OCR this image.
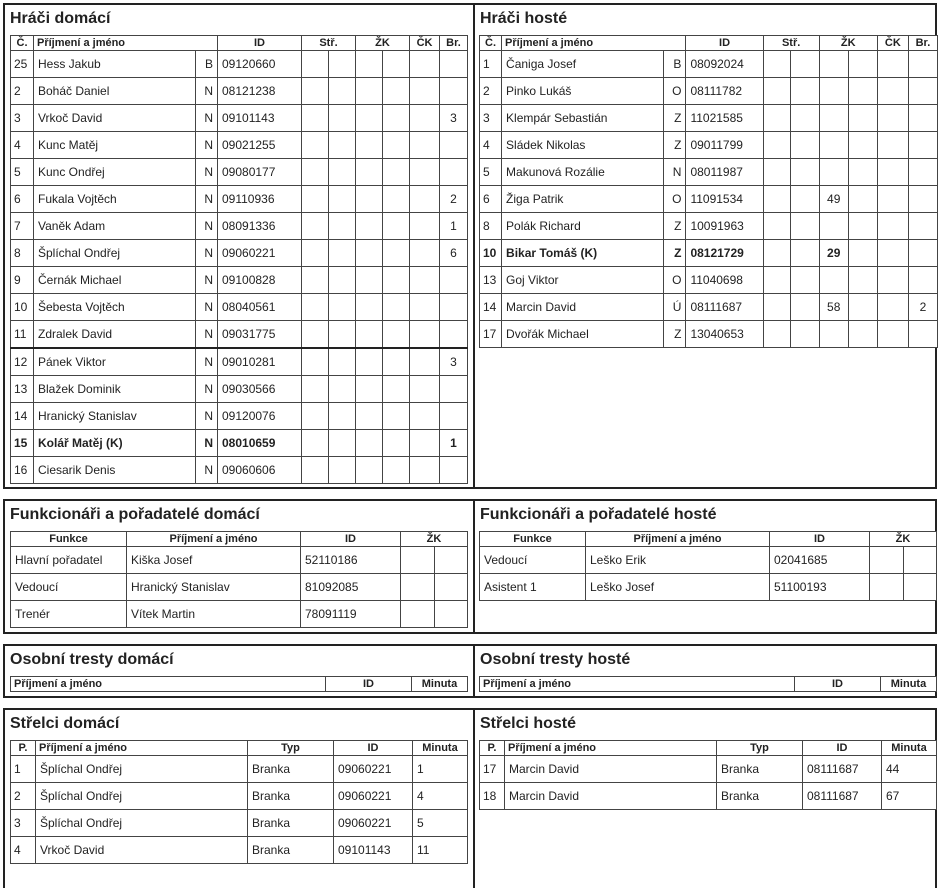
Hráči domácí
Č.	Příjmení a jméno		ID	Stř.		ŽK		ČK	Br.
25	Hess Jakub	B	09120660						
2	Boháč Daniel	N	08121238						
3	Vrkoč David	N	09101143						3
4	Kunc Matěj	N	09021255						
5	Kunc Ondřej	N	09080177						
6	Fukala Vojtěch	N	09110936						2
7	Vaněk Adam	N	08091336						1
8	Šplíchal Ondřej	N	09060221						6
9	Černák Michael	N	09100828						
10	Šebesta Vojtěch	N	08040561						
11	Zdralek David	N	09031775						
12	Pánek Viktor	N	09010281						3
13	Blažek Dominik	N	09030566						
14	Hranický Stanislav	N	09120076						
15	Kolář Matěj (K)	N	08010659						1
16	Ciesarik Denis	N	09060606						
Hráči hosté
Č.	Příjmení a jméno		ID	Stř.		ŽK		ČK	Br.
1	Čaniga Josef	B	08092024						
2	Pinko Lukáš	O	08111782						
3	Klempár Sebastián	Z	11021585						
4	Sládek Nikolas	Z	09011799						
5	Makunová Rozálie	N	08011987						
6	Žiga Patrik	O	11091534			49			
8	Polák Richard	Z	10091963						
10	Bikar Tomáš (K)	Z	08121729			29			
13	Goj Viktor	O	11040698						
14	Marcin David	Ú	08111687			58			2
17	Dvořák Michael	Z	13040653						
Funkcionáři a pořadatelé domácí
Funkce	Příjmení a jméno	ID	ŽK	
Hlavní pořadatel	Kiška Josef	52110186		
Vedoucí	Hranický Stanislav	81092085		
Trenér	Vítek Martin	78091119		
Funkcionáři a pořadatelé hosté
Funkce	Příjmení a jméno	ID	ŽK	
Vedoucí	Leško Erik	02041685		
Asistent 1	Leško Josef	51100193		
Osobní tresty domácí
Příjmení a jméno	ID	Minuta
Osobní tresty hosté
Příjmení a jméno	ID	Minuta
Střelci domácí
P.	Příjmení a jméno	Typ	ID	Minuta
1	Šplíchal Ondřej	Branka	09060221	1
2	Šplíchal Ondřej	Branka	09060221	4
3	Šplíchal Ondřej	Branka	09060221	5
4	Vrkoč David	Branka	09101143	11
Střelci hosté
P.	Příjmení a jméno	Typ	ID	Minuta
17	Marcin David	Branka	08111687	44
18	Marcin David	Branka	08111687	67
